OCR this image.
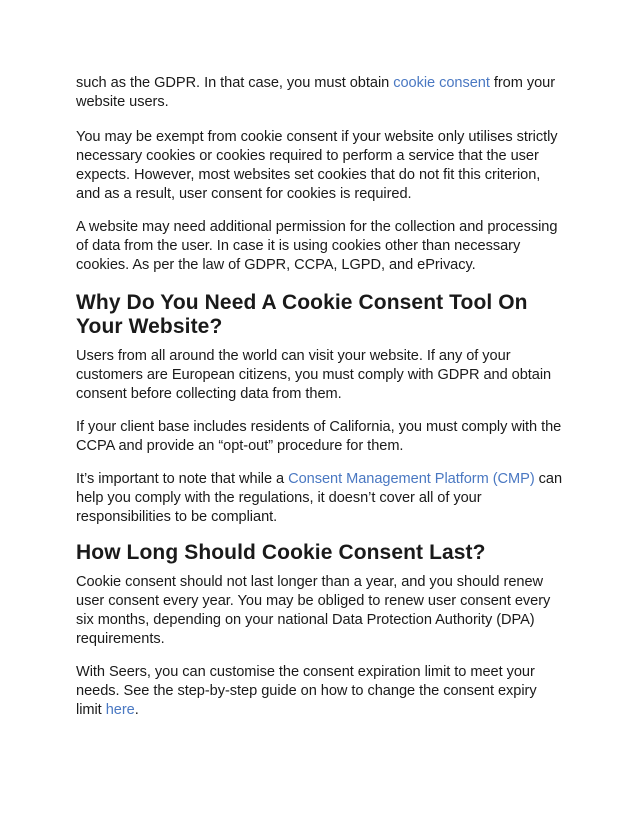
such as the GDPR. In that case, you must obtain cookie consent from your website users.

You may be exempt from cookie consent if your website only utilises strictly necessary cookies or cookies required to perform a service that the user expects. However, most websites set cookies that do not fit this criterion, and as a result, user consent for cookies is required.

A website may need additional permission for the collection and processing of data from the user. In case it is using cookies other than necessary cookies. As per the law of GDPR, CCPA, LGPD, and ePrivacy.

Why Do You Need A Cookie Consent Tool On Your Website?

Users from all around the world can visit your website. If any of your customers are European citizens, you must comply with GDPR and obtain consent before collecting data from them.

If your client base includes residents of California, you must comply with the CCPA and provide an “opt-out” procedure for them.

It’s important to note that while a Consent Management Platform (CMP) can help you comply with the regulations, it doesn’t cover all of your responsibilities to be compliant.

How Long Should Cookie Consent Last?

Cookie consent should not last longer than a year, and you should renew user consent every year. You may be obliged to renew user consent every six months, depending on your national Data Protection Authority (DPA) requirements.

With Seers, you can customise the consent expiration limit to meet your needs. See the step-by-step guide on how to change the consent expiry limit here.
